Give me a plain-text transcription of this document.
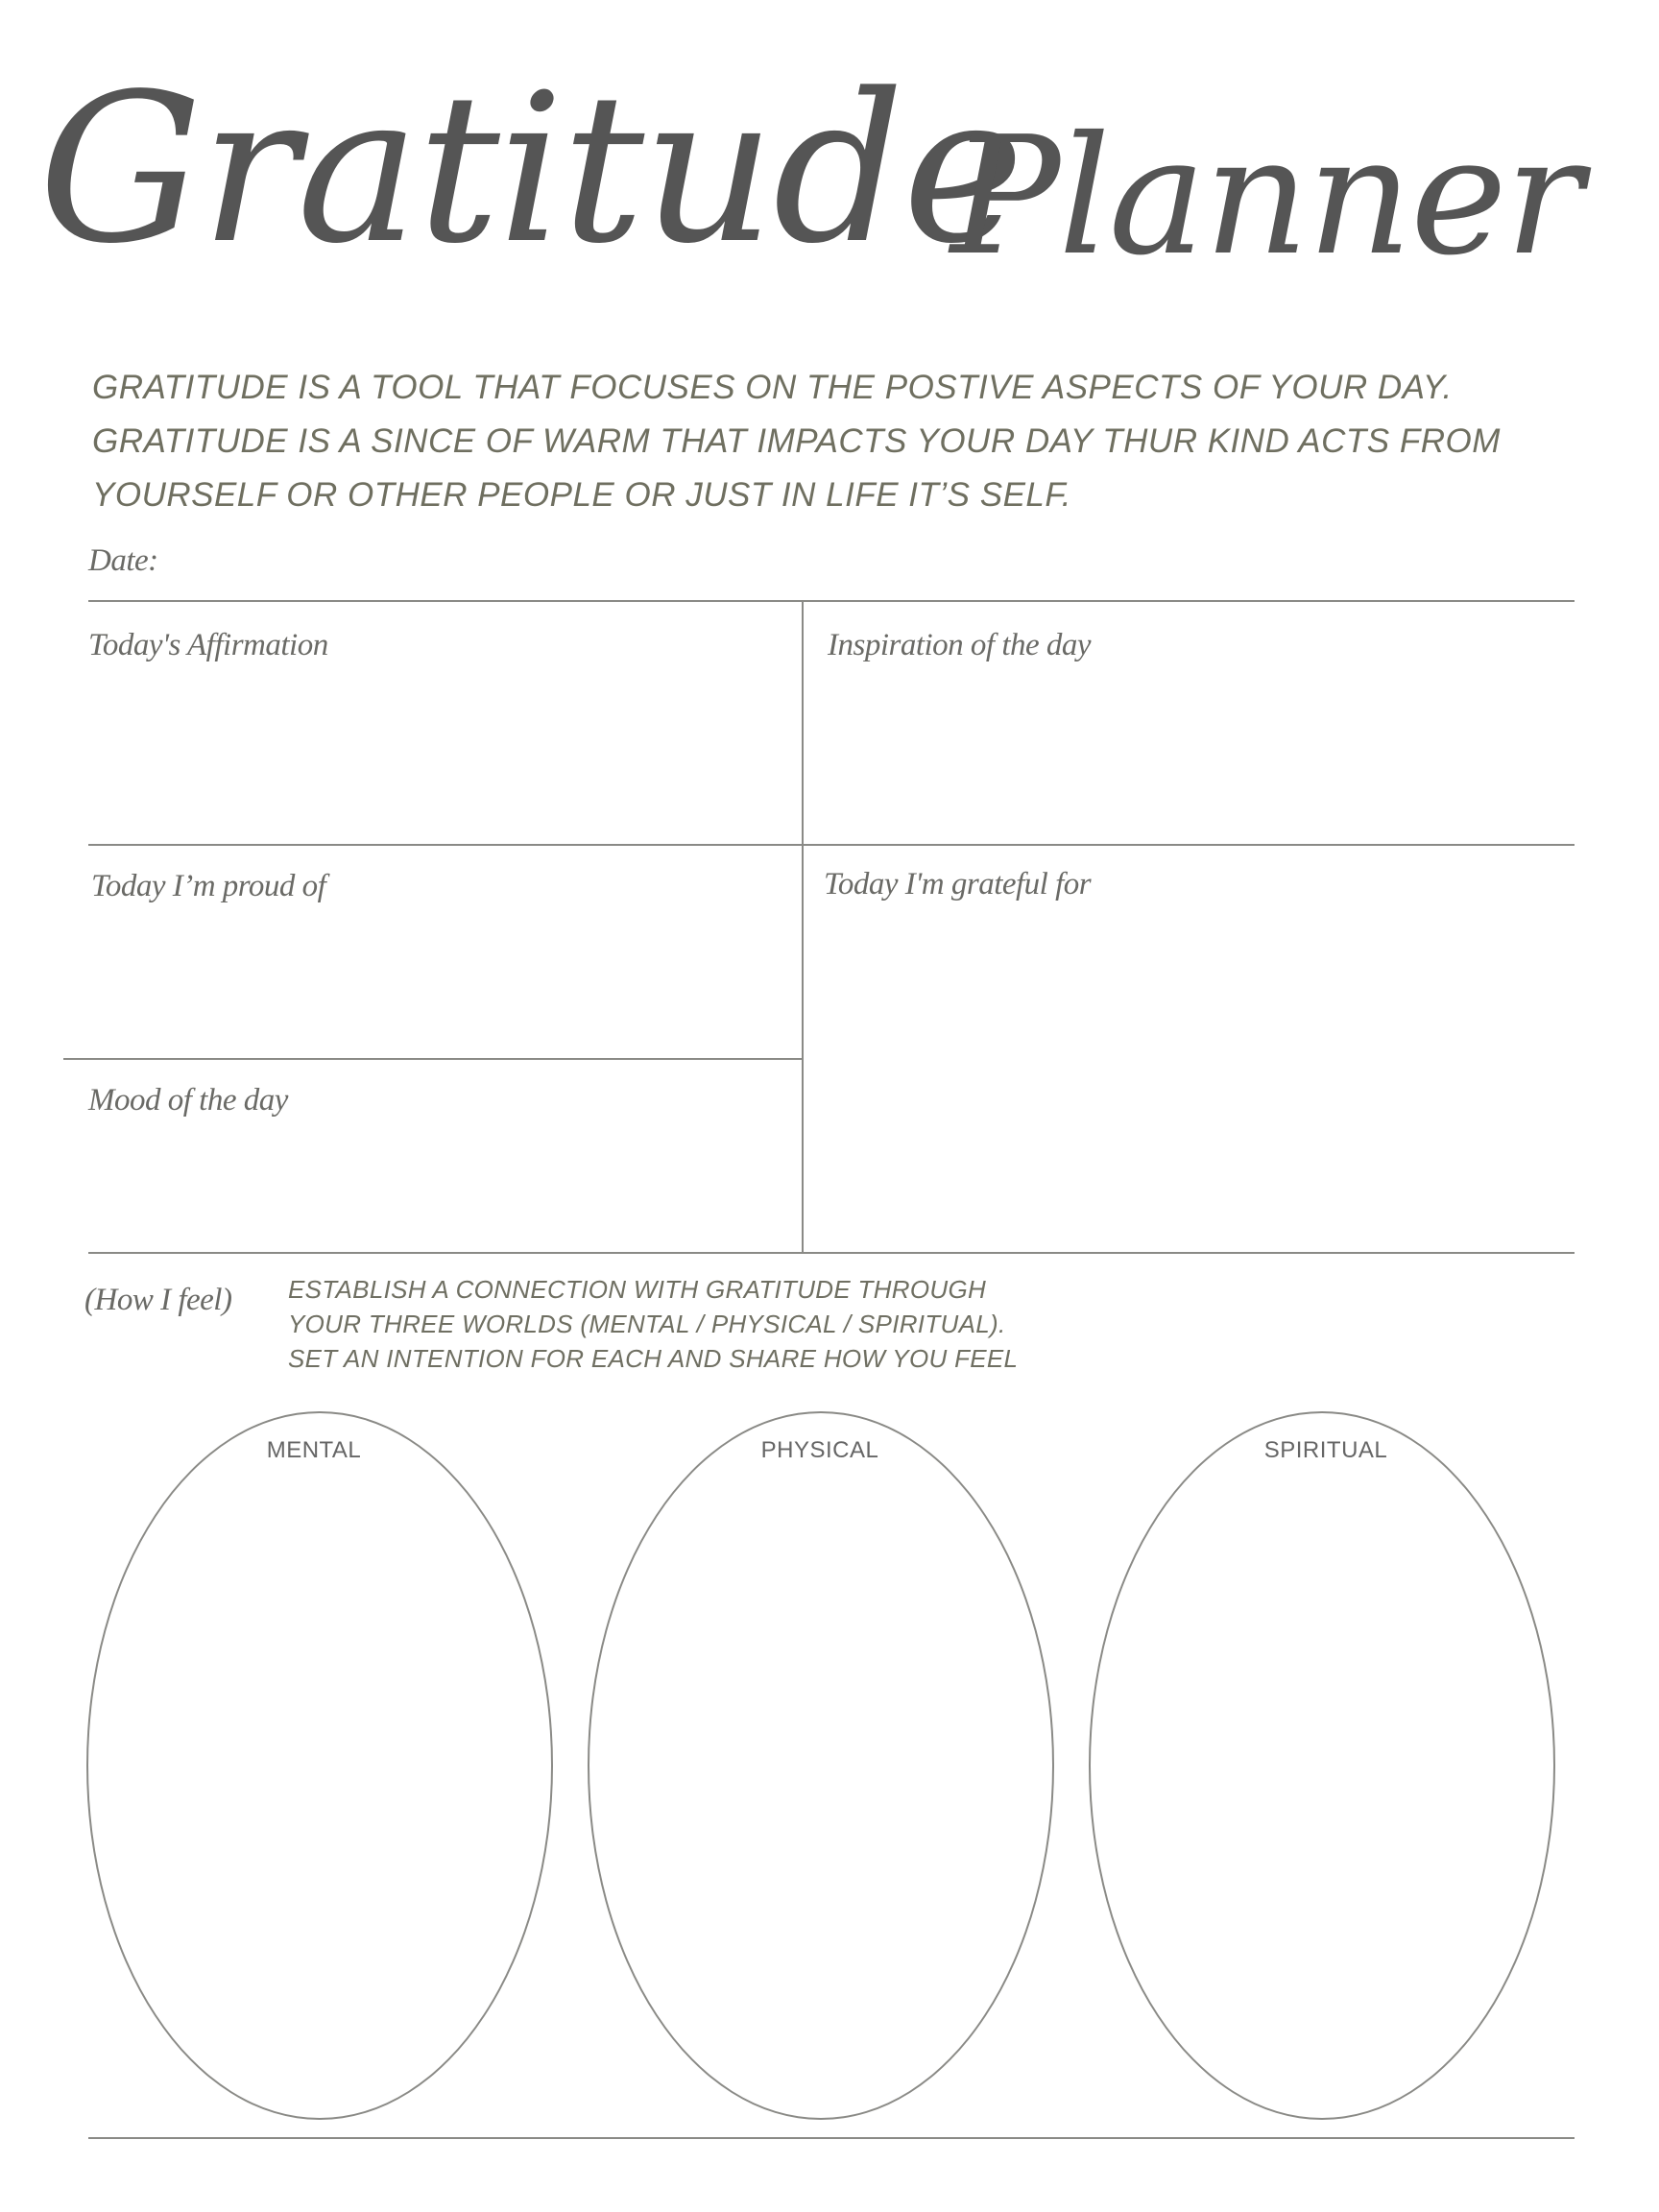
Gratitude
Planner
GRATITUDE IS A TOOL THAT FOCUSES ON THE POSTIVE ASPECTS OF YOUR DAY.
GRATITUDE IS A SINCE OF WARM THAT IMPACTS YOUR DAY THUR KIND ACTS FROM
YOURSELF OR OTHER PEOPLE OR JUST IN LIFE IT’S SELF.
Date:
Today's Affirmation	Inspiration of the day
Today I’m proud of	Today I'm grateful for
Mood of the day
(How I feel) ESTABLISH A CONNECTION WITH GRATITUDE THROUGH
YOUR THREE WORLDS (MENTAL / PHYSICAL / SPIRITUAL).
SET AN INTENTION FOR EACH AND SHARE HOW YOU FEEL
MENTAL	PHYSICAL	SPIRITUAL
